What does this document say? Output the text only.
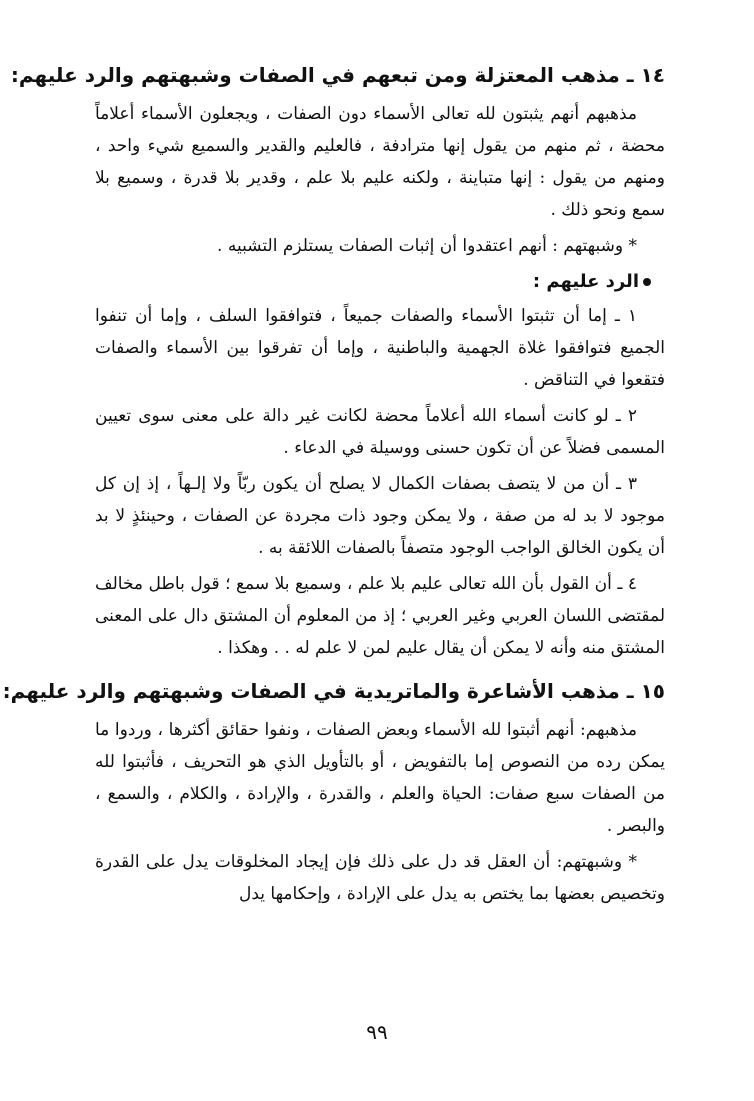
١٤ ـ مذهب المعتزلة ومن تبعهم في الصفات وشبهتهم والرد عليهم:

مذهبهم أنهم يثبتون لله تعالى الأسماء دون الصفات ، ويجعلون الأسماء أعلاماً محضة ، ثم منهم من يقول إنها مترادفة ، فالعليم والقدير والسميع شيء واحد ، ومنهم من يقول : إنها متباينة ، ولكنه عليم بلا علم ، وقدير بلا قدرة ، وسميع بلا سمع ونحو ذلك .

* وشبهتهم : أنهم اعتقدوا أن إثبات الصفات يستلزم التشبيه .

الرد عليهم :

١ ـ إما أن تثبتوا الأسماء والصفات جميعاً ، فتوافقوا السلف ، وإما أن تنفوا الجميع فتوافقوا غلاة الجهمية والباطنية ، وإما أن تفرقوا بين الأسماء والصفات فتقعوا في التناقض .

٢ ـ لو كانت أسماء الله أعلاماً محضة لكانت غير دالة على معنى سوى تعيين المسمى فضلاً عن أن تكون حسنى ووسيلة في الدعاء .

٣ ـ أن من لا يتصف بصفات الكمال لا يصلح أن يكون ربّاً ولا إلـهاً ، إذ إن كل موجود لا بد له من صفة ، ولا يمكن وجود ذات مجردة عن الصفات ، وحينئذٍ لا بد أن يكون الخالق الواجب الوجود متصفاً بالصفات اللائقة به .

٤ ـ أن القول بأن الله تعالى عليم بلا علم ، وسميع بلا سمع ؛ قول باطل مخالف لمقتضى اللسان العربي وغير العربي ؛ إذ من المعلوم أن المشتق دال على المعنى المشتق منه وأنه لا يمكن أن يقال عليم لمن لا علم له . . وهكذا .

١٥ ـ مذهب الأشاعرة والماتريدية في الصفات وشبهتهم والرد عليهم:

مذهبهم: أنهم أثبتوا لله الأسماء وبعض الصفات ، ونفوا حقائق أكثرها ، وردوا ما يمكن رده من النصوص إما بالتفويض ، أو بالتأويل الذي هو التحريف ، فأثبتوا لله من الصفات سبع صفات: الحياة والعلم ، والقدرة ، والإرادة ، والكلام ، والسمع ، والبصر .

* وشبهتهم: أن العقل قد دل على ذلك فإن إيجاد المخلوقات يدل على القدرة وتخصيص بعضها بما يختص به يدل على الإرادة ، وإحكامها يدل

٩٩
